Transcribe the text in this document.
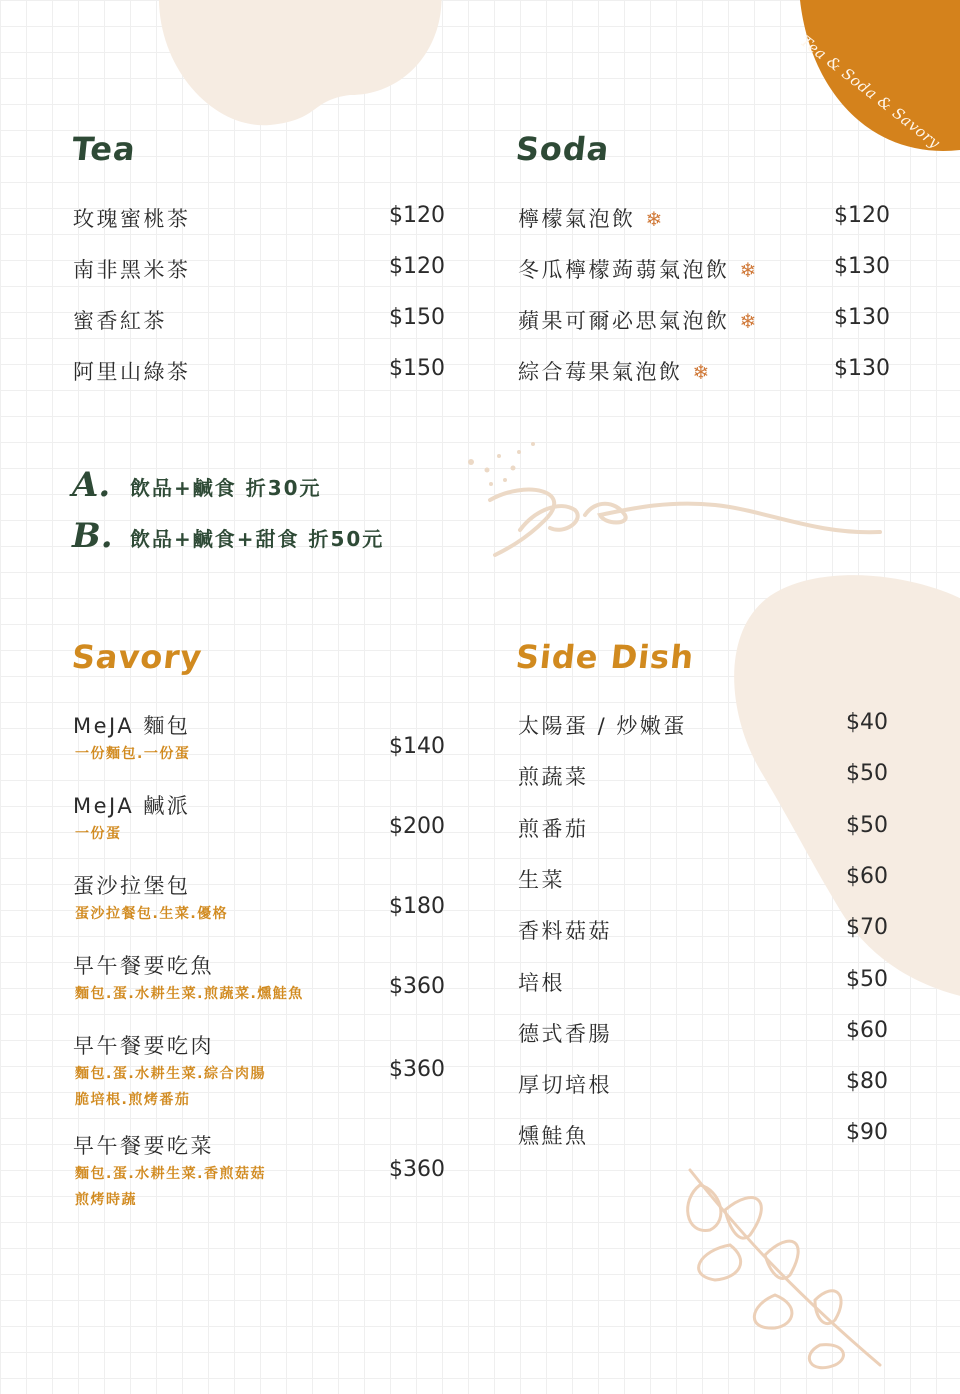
Tea & Soda & Savory
Tea
玫瑰蜜桃茶	$120
南非黑米茶	$120
蜜香紅茶	$150
阿里山綠茶	$150
Soda
檸檬氣泡飲 ❄	$120
冬瓜檸檬蒟蒻氣泡飲 ❄	$130
蘋果可爾必思氣泡飲 ❄	$130
綜合莓果氣泡飲 ❄	$130
A. 飲品+鹹食 折30元
B. 飲品+鹹食+甜食 折50元
Savory
MeJA 麵包
一份麵包.一份蛋	$140
MeJA 鹹派
一份蛋	$200
蛋沙拉堡包
蛋沙拉餐包.生菜.優格	$180
早午餐要吃魚
麵包.蛋.水耕生菜.煎蔬菜.燻鮭魚	$360
早午餐要吃肉
麵包.蛋.水耕生菜.綜合肉腸
脆培根.煎烤番茄
$360
早午餐要吃菜
麵包.蛋.水耕生菜.香煎菇菇
煎烤時蔬
$360
Side Dish
太陽蛋 / 炒嫩蛋	$40
煎蔬菜	$50
煎番茄	$50
生菜	$60
香料菇菇	$70
培根	$50
德式香腸	$60
厚切培根	$80
燻鮭魚	$90
